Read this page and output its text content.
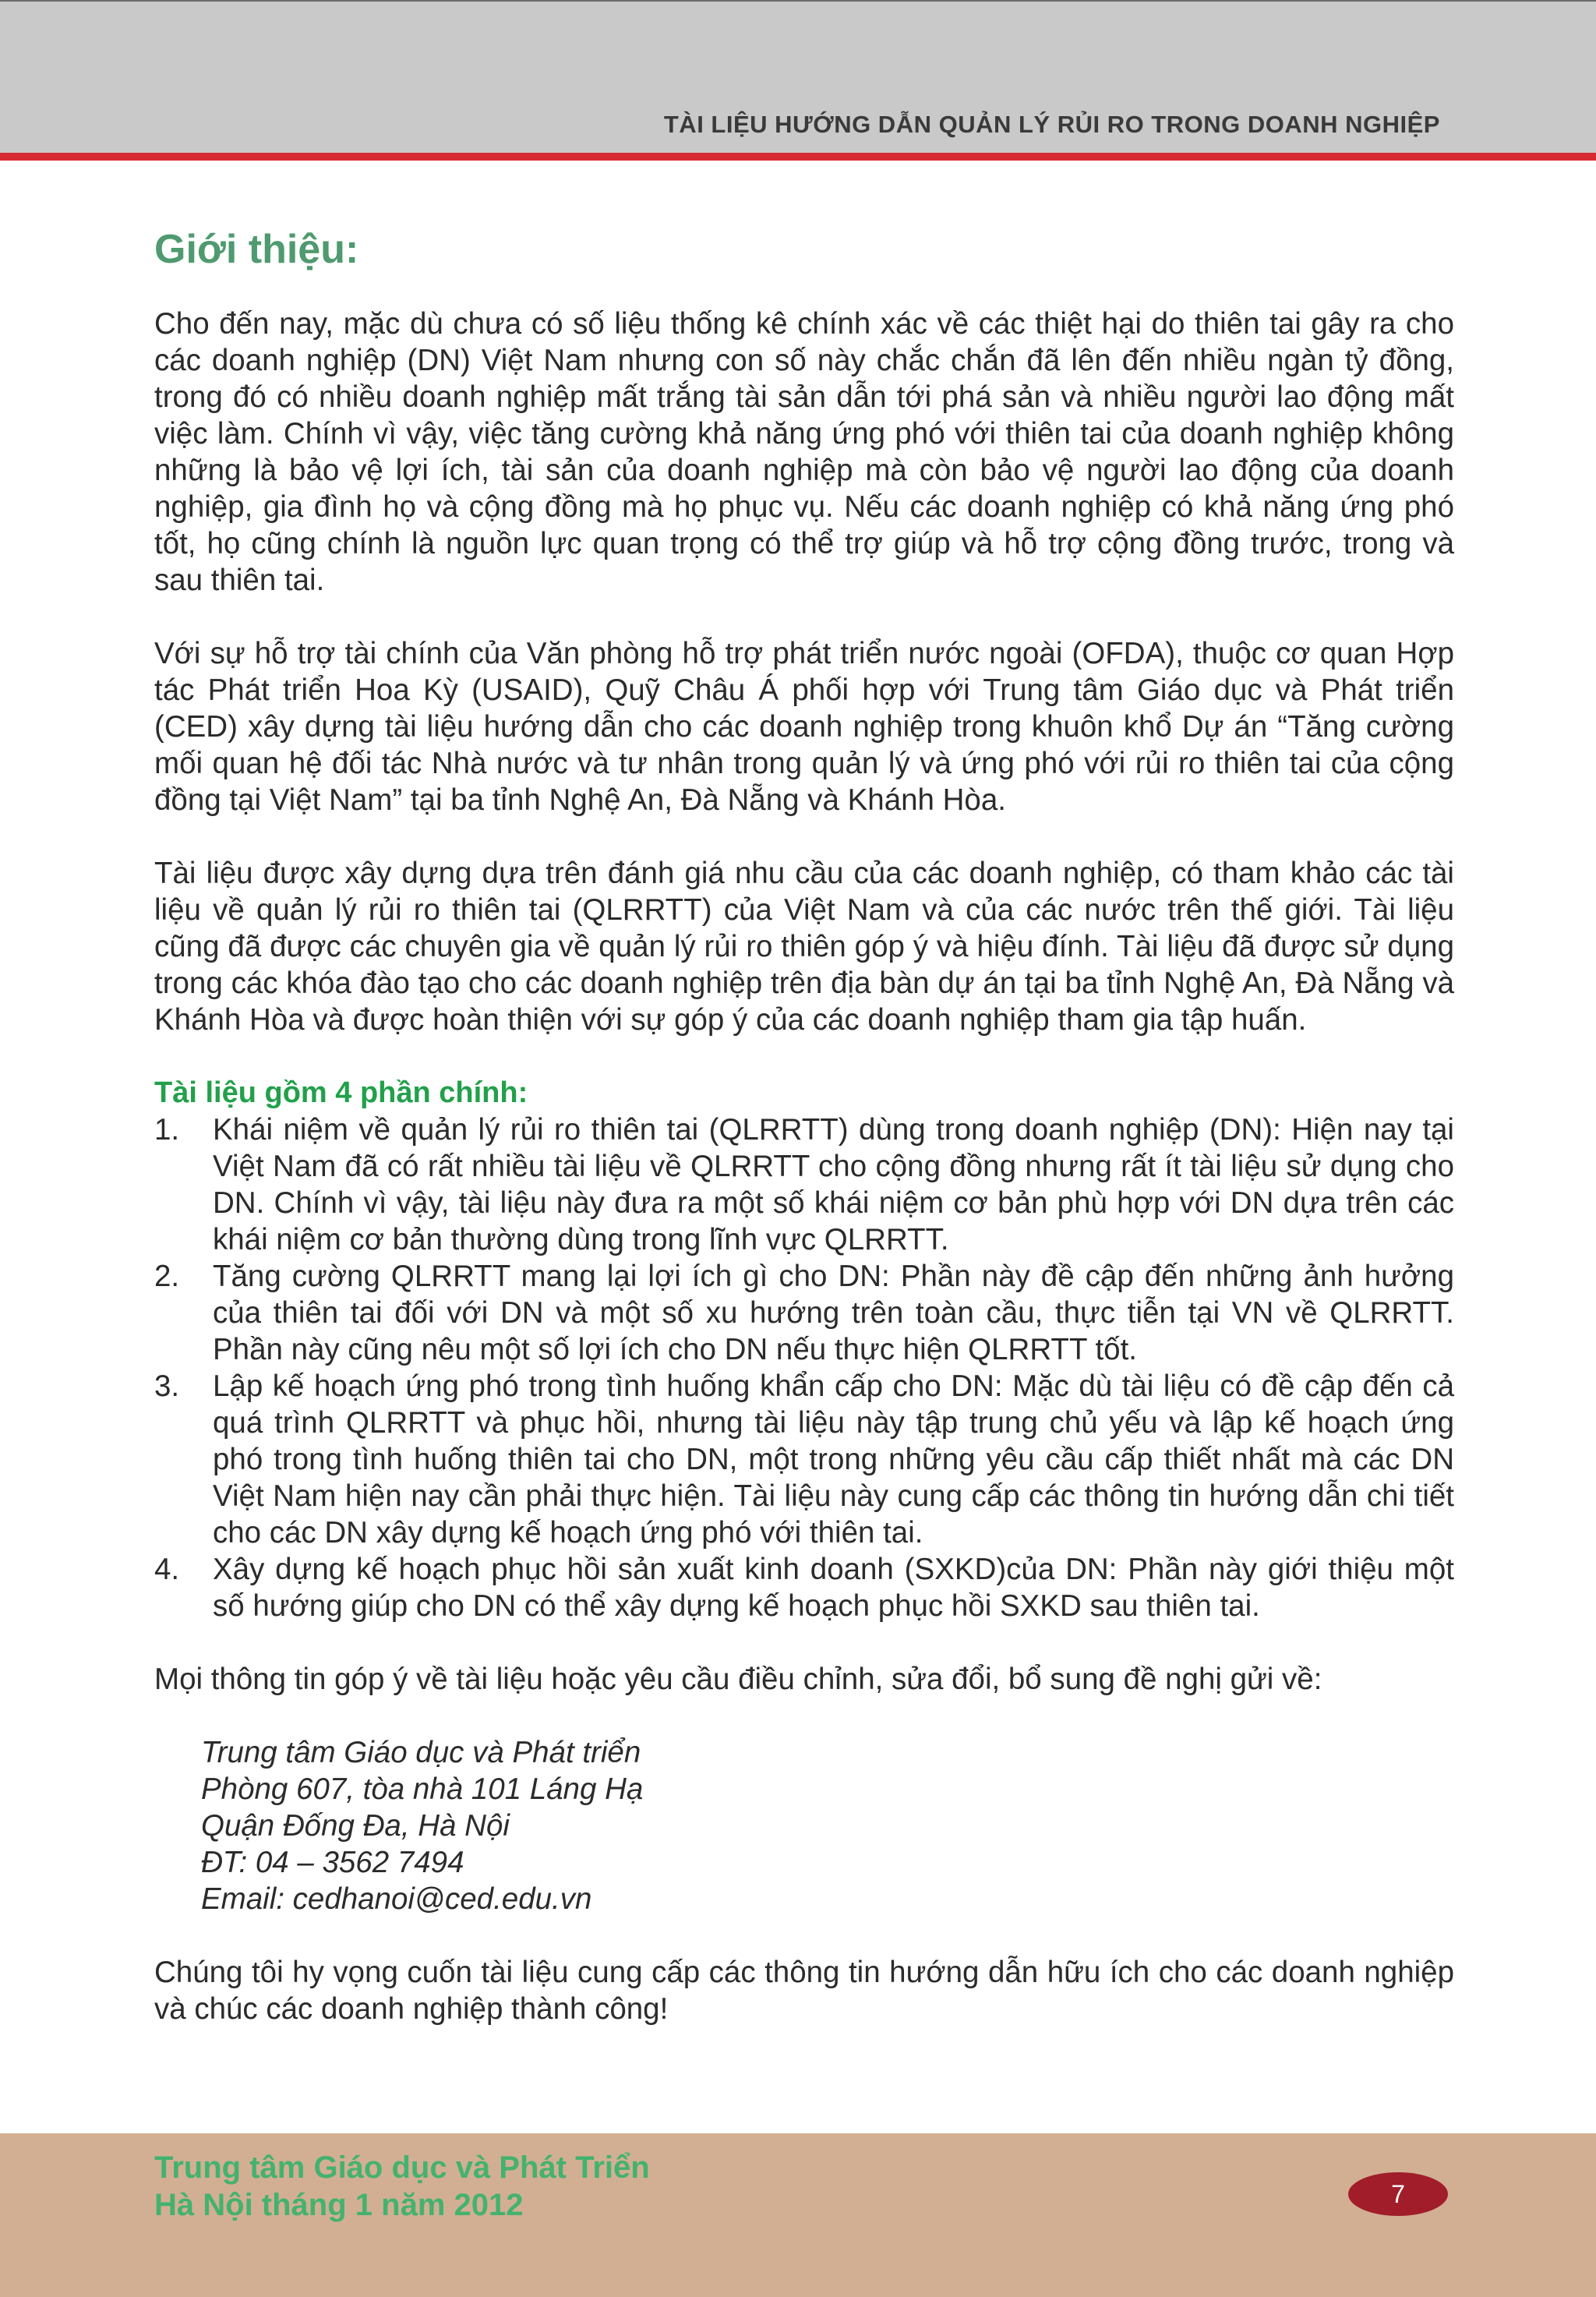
TÀI LIỆU HƯỚNG DẪN QUẢN LÝ RỦI RO TRONG DOANH NGHIỆP
Giới thiệu:

Cho đến nay, mặc dù chưa có số liệu thống kê chính xác về các thiệt hại do thiên tai gây ra cho các doanh nghiệp (DN) Việt Nam nhưng con số này chắc chắn đã lên đến nhiều ngàn tỷ đồng, trong đó có nhiều doanh nghiệp mất trắng tài sản dẫn tới phá sản và nhiều người lao động mất việc làm. Chính vì vậy, việc tăng cường khả năng ứng phó với thiên tai của doanh nghiệp không những là bảo vệ lợi ích, tài sản của doanh nghiệp mà còn bảo vệ người lao động của doanh nghiệp, gia đình họ và cộng đồng mà họ phục vụ. Nếu các doanh nghiệp có khả năng ứng phó tốt, họ cũng chính là nguồn lực quan trọng có thể trợ giúp và hỗ trợ cộng đồng trước, trong và sau thiên tai.

Với sự hỗ trợ tài chính của Văn phòng hỗ trợ phát triển nước ngoài (OFDA), thuộc cơ quan Hợp tác Phát triển Hoa Kỳ (USAID), Quỹ Châu Á phối hợp với Trung tâm Giáo dục và Phát triển (CED) xây dựng tài liệu hướng dẫn cho các doanh nghiệp trong khuôn khổ Dự án “Tăng cường mối quan hệ đối tác Nhà nước và tư nhân trong quản lý và ứng phó với rủi ro thiên tai của cộng đồng tại Việt Nam” tại ba tỉnh Nghệ An, Đà Nẵng và Khánh Hòa.

Tài liệu được xây dựng dựa trên đánh giá nhu cầu của các doanh nghiệp, có tham khảo các tài liệu về quản lý rủi ro thiên tai (QLRRTT) của Việt Nam và của các nước trên thế giới. Tài liệu cũng đã được các chuyên gia về quản lý rủi ro thiên góp ý và hiệu đính. Tài liệu đã được sử dụng trong các khóa đào tạo cho các doanh nghiệp trên địa bàn dự án tại ba tỉnh Nghệ An, Đà Nẵng và Khánh Hòa và được hoàn thiện với sự góp ý của các doanh nghiệp tham gia tập huấn.

Tài liệu gồm 4 phần chính:
1.	Khái niệm về quản lý rủi ro thiên tai (QLRRTT) dùng trong doanh nghiệp (DN): Hiện nay tại Việt Nam đã có rất nhiều tài liệu về QLRRTT cho cộng đồng nhưng rất ít tài liệu sử dụng cho DN. Chính vì vậy, tài liệu này đưa ra một số khái niệm cơ bản phù hợp với DN dựa trên các khái niệm cơ bản thường dùng trong lĩnh vực QLRRTT.
2.	Tăng cường QLRRTT mang lại lợi ích gì cho DN: Phần này đề cập đến những ảnh hưởng của thiên tai đối với DN và một số xu hướng trên toàn cầu, thực tiễn tại VN về QLRRTT. Phần này cũng nêu một số lợi ích cho DN nếu thực hiện QLRRTT tốt.
3.	Lập kế hoạch ứng phó trong tình huống khẩn cấp cho DN: Mặc dù tài liệu có đề cập đến cả quá trình QLRRTT và phục hồi, nhưng tài liệu này tập trung chủ yếu và lập kế hoạch ứng phó trong tình huống thiên tai cho DN, một trong những yêu cầu cấp thiết nhất mà các DN Việt Nam hiện nay cần phải thực hiện. Tài liệu này cung cấp các thông tin hướng dẫn chi tiết cho các DN xây dựng kế hoạch ứng phó với thiên tai.
4.	Xây dựng kế hoạch phục hồi sản xuất kinh doanh (SXKD)của DN: Phần này giới thiệu một số hướng giúp cho DN có thể xây dựng kế hoạch phục hồi SXKD sau thiên tai.

Mọi thông tin góp ý về tài liệu hoặc yêu cầu điều chỉnh, sửa đổi, bổ sung đề nghị gửi về:

Trung tâm Giáo dục và Phát triển
Phòng 607, tòa nhà 101 Láng Hạ
Quận Đống Đa, Hà Nội
ĐT: 04 – 3562 7494
Email: cedhanoi@ced.edu.vn

Chúng tôi hy vọng cuốn tài liệu cung cấp các thông tin hướng dẫn hữu ích cho các doanh nghiệp và chúc các doanh nghiệp thành công!

Trung tâm Giáo dục và Phát Triển
Hà Nội tháng 1 năm 2012	7
